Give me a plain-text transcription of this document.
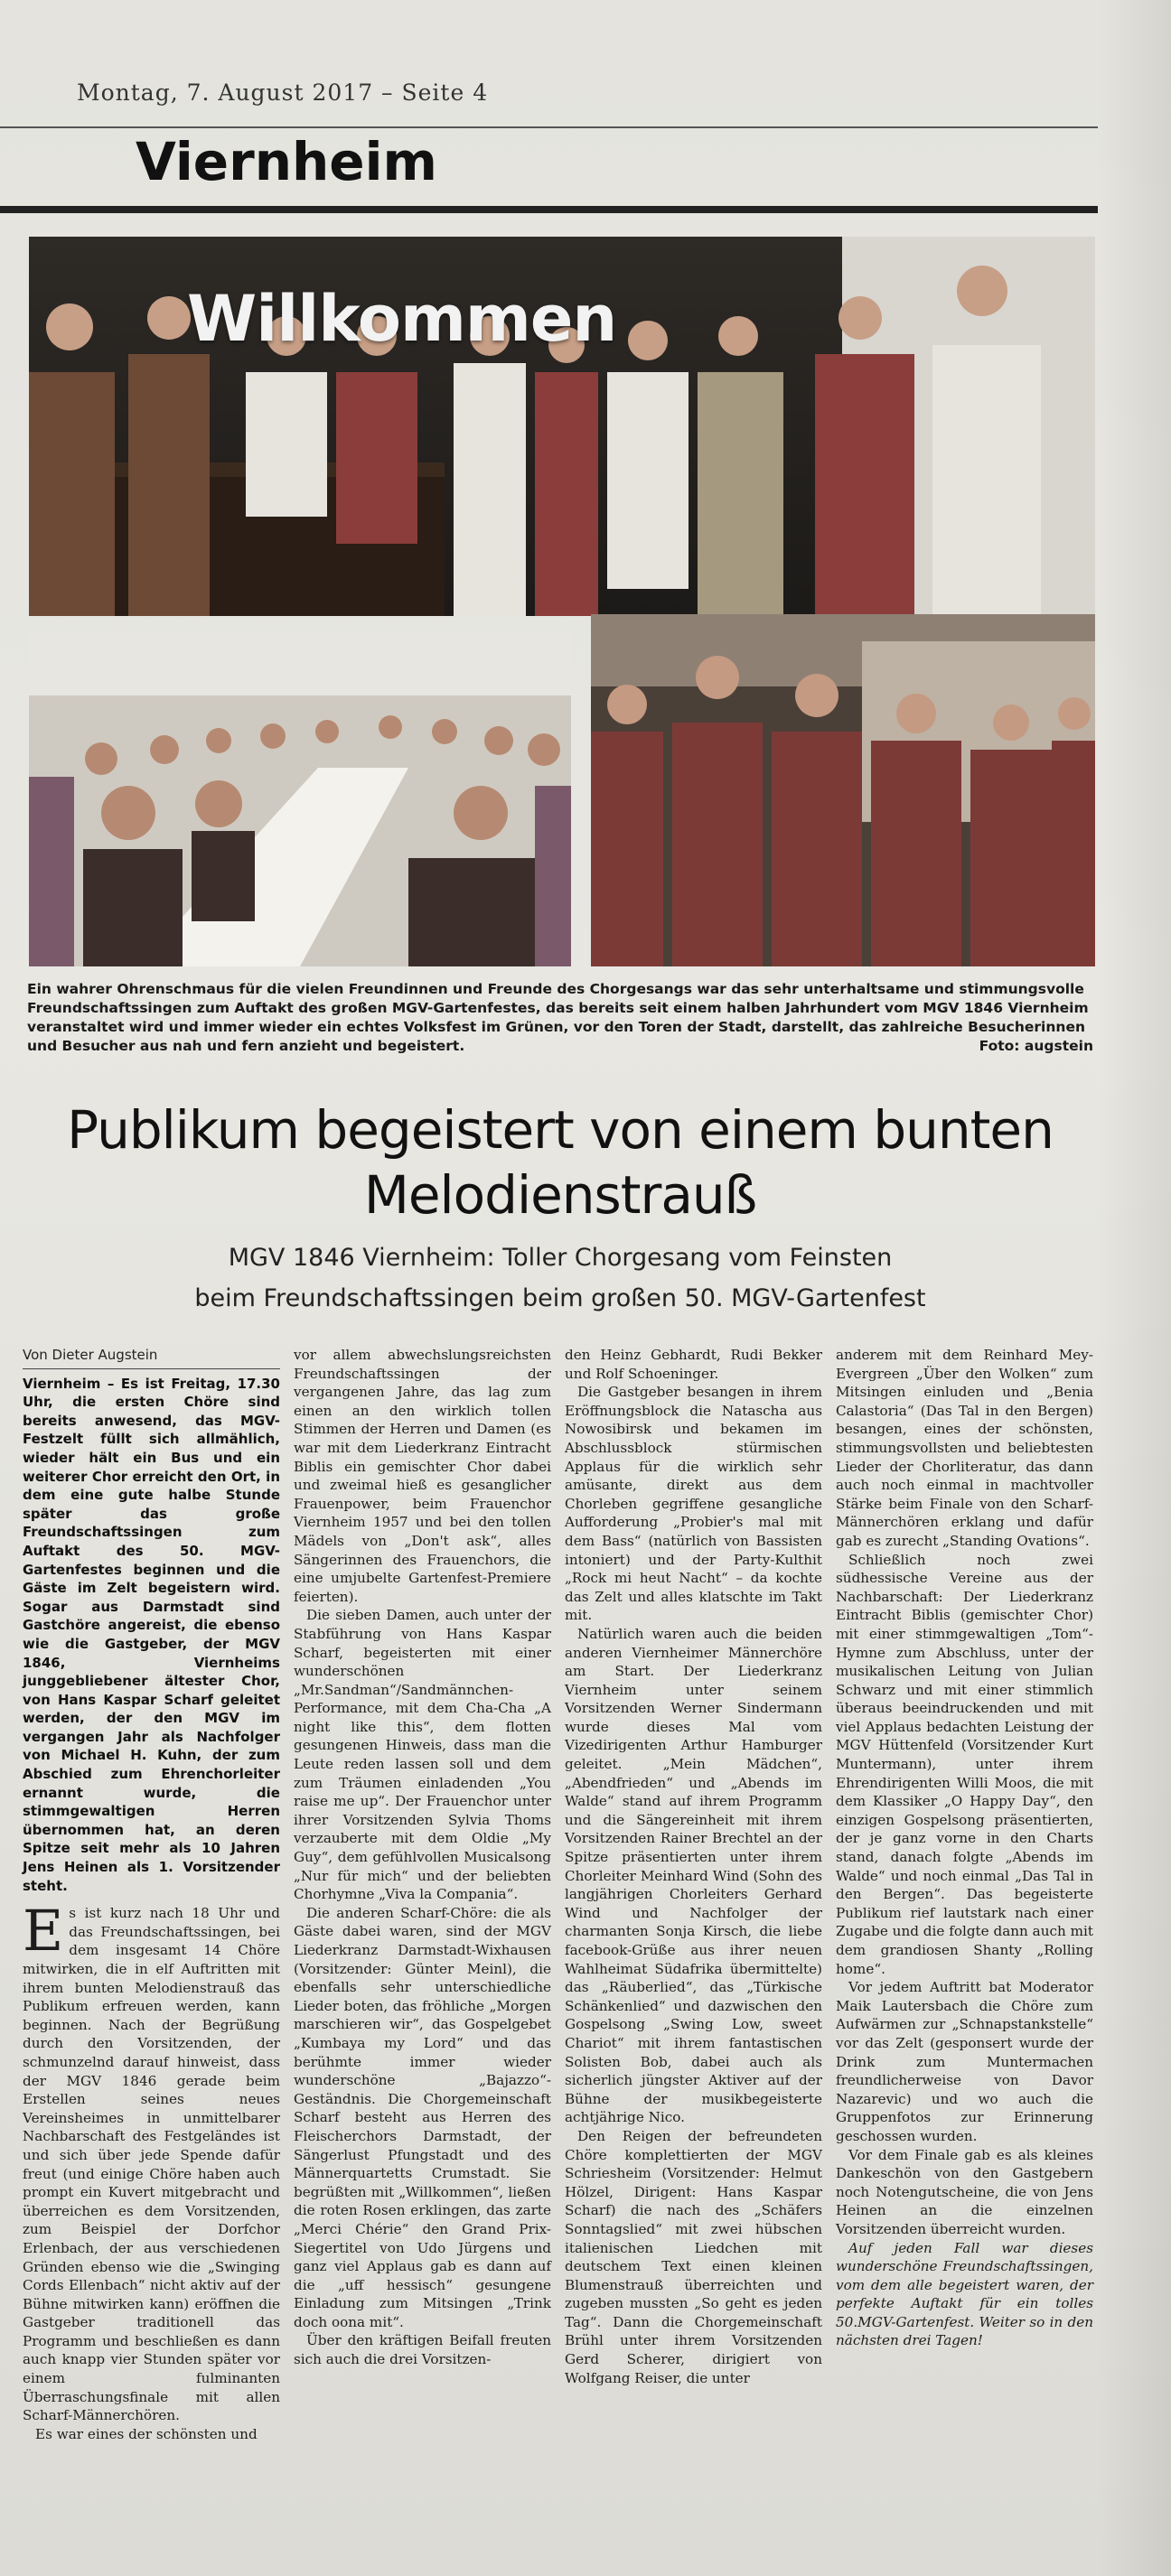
Montag, 7. August 2017 – Seite 4
Viernheim
Willkommen
Ein wahrer Ohrenschmaus für die vielen Freundinnen und Freunde des Chorgesangs war das sehr unterhaltsame und stimmungsvolle Freundschaftssingen zum Auftakt des großen MGV-Gartenfestes, das bereits seit einem halben Jahrhundert vom MGV 1846 Viernheim veranstaltet wird und immer wieder ein echtes Volksfest im Grünen, vor den Toren der Stadt, darstellt, das zahlreiche Besucherinnen und Besucher aus nah und fern anzieht und begeistert.	Foto: augstein
Publikum begeistert von einem bunten
Melodienstrauß
MGV 1846 Viernheim: Toller Chorgesang vom Feinsten
beim Freundschaftssingen beim großen 50. MGV-Gartenfest
Von Dieter Augstein
Viernheim – Es ist Freitag, 17.30 Uhr, die ersten Chöre sind bereits anwesend, das MGV-Festzelt füllt sich allmählich, wieder hält ein Bus und ein weiterer Chor erreicht den Ort, in dem eine gute halbe Stunde später das große Freundschaftssingen zum Auftakt des 50. MGV-Gartenfestes beginnen und die Gäste im Zelt begeistern wird. Sogar aus Darmstadt sind Gastchöre angereist, die ebenso wie die Gastgeber, der MGV 1846, Viernheims junggebliebener ältester Chor, von Hans Kaspar Scharf geleitet werden, der den MGV im vergangen Jahr als Nachfolger von Michael H. Kuhn, der zum Abschied zum Ehrenchorleiter ernannt wurde, die stimmgewaltigen Herren übernommen hat, an deren Spitze seit mehr als 10 Jahren Jens Heinen als 1. Vorsitzender steht.

Es ist kurz nach 18 Uhr und das Freundschaftssingen, bei dem insgesamt 14 Chöre mitwirken, die in elf Auftritten mit ihrem bunten Melodienstrauß das Publikum erfreuen werden, kann beginnen. Nach der Begrüßung durch den Vorsitzenden, der schmunzelnd darauf hinweist, dass der MGV 1846 gerade beim Erstellen seines neues Vereinsheimes in unmittelbarer Nachbarschaft des Festgeländes ist und sich über jede Spende dafür freut (und einige Chöre haben auch prompt ein Kuvert mitgebracht und überreichen es dem Vorsitzenden, zum Beispiel der Dorfchor Erlenbach, der aus verschiedenen Gründen ebenso wie die „Swinging Cords Ellenbach“ nicht aktiv auf der Bühne mitwirken kann) eröffnen die Gastgeber traditionell das Programm und beschließen es dann auch knapp vier Stunden später vor einem fulminanten Überraschungsfinale mit allen Scharf-Männerchören.

Es war eines der schönsten und

vor allem abwechslungsreichsten Freundschaftssingen der vergangenen Jahre, das lag zum einen an den wirklich tollen Stimmen der Herren und Damen (es war mit dem Liederkranz Eintracht Biblis ein gemischter Chor dabei und zweimal hieß es gesanglicher Frauenpower, beim Frauenchor Viernheim 1957 und bei den tollen Mädels von „Don't ask“, alles Sängerinnen des Frauenchors, die eine umjubelte Gartenfest-Premiere feierten).

Die sieben Damen, auch unter der Stabführung von Hans Kaspar Scharf, begeisterten mit einer wunderschönen „Mr.Sandman“/Sandmännchen-Performance, mit dem Cha-Cha „A night like this“, dem flotten gesungenen Hinweis, dass man die Leute reden lassen soll und dem zum Träumen einladenden „You raise me up“. Der Frauenchor unter ihrer Vorsitzenden Sylvia Thoms verzauberte mit dem Oldie „My Guy“, dem gefühlvollen Musicalsong „Nur für mich“ und der beliebten Chorhymne „Viva la Compania“.

Die anderen Scharf-Chöre: die als Gäste dabei waren, sind der MGV Liederkranz Darmstadt-Wixhausen (Vorsitzender: Günter Meinl), die ebenfalls sehr unterschiedliche Lieder boten, das fröhliche „Morgen marschieren wir“, das Gospelgebet „Kumbaya my Lord“ und das berühmte immer wieder wunderschöne „Bajazzo“-Geständnis. Die Chorgemeinschaft Scharf besteht aus Herren des Fleischerchors Darmstadt, der Sängerlust Pfungstadt und des Männerquartetts Crumstadt. Sie begrüßten mit „Willkommen“, ließen die roten Rosen erklingen, das zarte „Merci Chérie“ den Grand Prix- Siegertitel von Udo Jürgens und ganz viel Applaus gab es dann auf die „uff hessisch“ gesungene Einladung zum Mitsingen „Trink doch oona mit“.

Über den kräftigen Beifall freuten sich auch die drei Vorsitzen-

den Heinz Gebhardt, Rudi Bekker und Rolf Schoeninger.

Die Gastgeber besangen in ihrem Eröffnungsblock die Natascha aus Nowosibirsk und bekamen im Abschlussblock stürmischen Applaus für die wirklich sehr amüsante, direkt aus dem Chorleben gegriffene gesangliche Aufforderung „Probier's mal mit dem Bass“ (natürlich von Bassisten intoniert) und der Party-Kulthit „Rock mi heut Nacht“ – da kochte das Zelt und alles klatschte im Takt mit.

Natürlich waren auch die beiden anderen Viernheimer Männerchöre am Start. Der Liederkranz Viernheim unter seinem Vorsitzenden Werner Sindermann wurde dieses Mal vom Vizedirigenten Arthur Hamburger geleitet. „Mein Mädchen“, „Abendfrieden“ und „Abends im Walde“ stand auf ihrem Programm und die Sängereinheit mit ihrem Vorsitzenden Rainer Brechtel an der Spitze präsentierten unter ihrem Chorleiter Meinhard Wind (Sohn des langjährigen Chorleiters Gerhard Wind und Nachfolger der charmanten Sonja Kirsch, die liebe facebook-Grüße aus ihrer neuen Wahlheimat Südafrika übermittelte) das „Räuberlied“, das „Türkische Schänkenlied“ und dazwischen den Gospelsong „Swing Low, sweet Chariot“ mit ihrem fantastischen Solisten Bob, dabei auch als sicherlich jüngster Aktiver auf der Bühne der musikbegeisterte achtjährige Nico.

Den Reigen der befreundeten Chöre komplettierten der MGV Schriesheim (Vorsitzender: Helmut Hölzel, Dirigent: Hans Kaspar Scharf) die nach des „Schäfers Sonntagslied“ mit zwei hübschen italienischen Liedchen mit deutschem Text einen kleinen Blumenstrauß überreichten und zugeben mussten „So geht es jeden Tag“. Dann die Chorgemeinschaft Brühl unter ihrem Vorsitzenden Gerd Scherer, dirigiert von Wolfgang Reiser, die unter

anderem mit dem Reinhard Mey-Evergreen „Über den Wolken“ zum Mitsingen einluden und „Benia Calastoria“ (Das Tal in den Bergen) besangen, eines der schönsten, stimmungsvollsten und beliebtesten Lieder der Chorliteratur, das dann auch noch einmal in machtvoller Stärke beim Finale von den Scharf-Männerchören erklang und dafür gab es zurecht „Standing Ovations“.

Schließlich noch zwei südhessische Vereine aus der Nachbarschaft: Der Liederkranz Eintracht Biblis (gemischter Chor) mit einer stimmgewaltigen „Tom“-Hymne zum Abschluss, unter der musikalischen Leitung von Julian Schwarz und mit einer stimmlich überaus beeindruckenden und mit viel Applaus bedachten Leistung der MGV Hüttenfeld (Vorsitzender Kurt Muntermann), unter ihrem Ehrendirigenten Willi Moos, die mit dem Klassiker „O Happy Day“, den einzigen Gospelsong präsentierten, der je ganz vorne in den Charts stand, danach folgte „Abends im Walde“ und noch einmal „Das Tal in den Bergen“. Das begeisterte Publikum rief lautstark nach einer Zugabe und die folgte dann auch mit dem grandiosen Shanty „Rolling home“.

Vor jedem Auftritt bat Moderator Maik Lautersbach die Chöre zum Aufwärmen zur „Schnapstankstelle“ vor das Zelt (gesponsert wurde der Drink zum Muntermachen freundlicherweise von Davor Nazarevic) und wo auch die Gruppenfotos zur Erinnerung geschossen wurden.

Vor dem Finale gab es als kleines Dankeschön von den Gastgebern noch Notengutscheine, die von Jens Heinen an die einzelnen Vorsitzenden überreicht wurden.

Auf jeden Fall war dieses wunderschöne Freundschaftssingen, vom dem alle begeistert waren, der perfekte Auftakt für ein tolles 50.MGV-Gartenfest. Weiter so in den nächsten drei Tagen!
